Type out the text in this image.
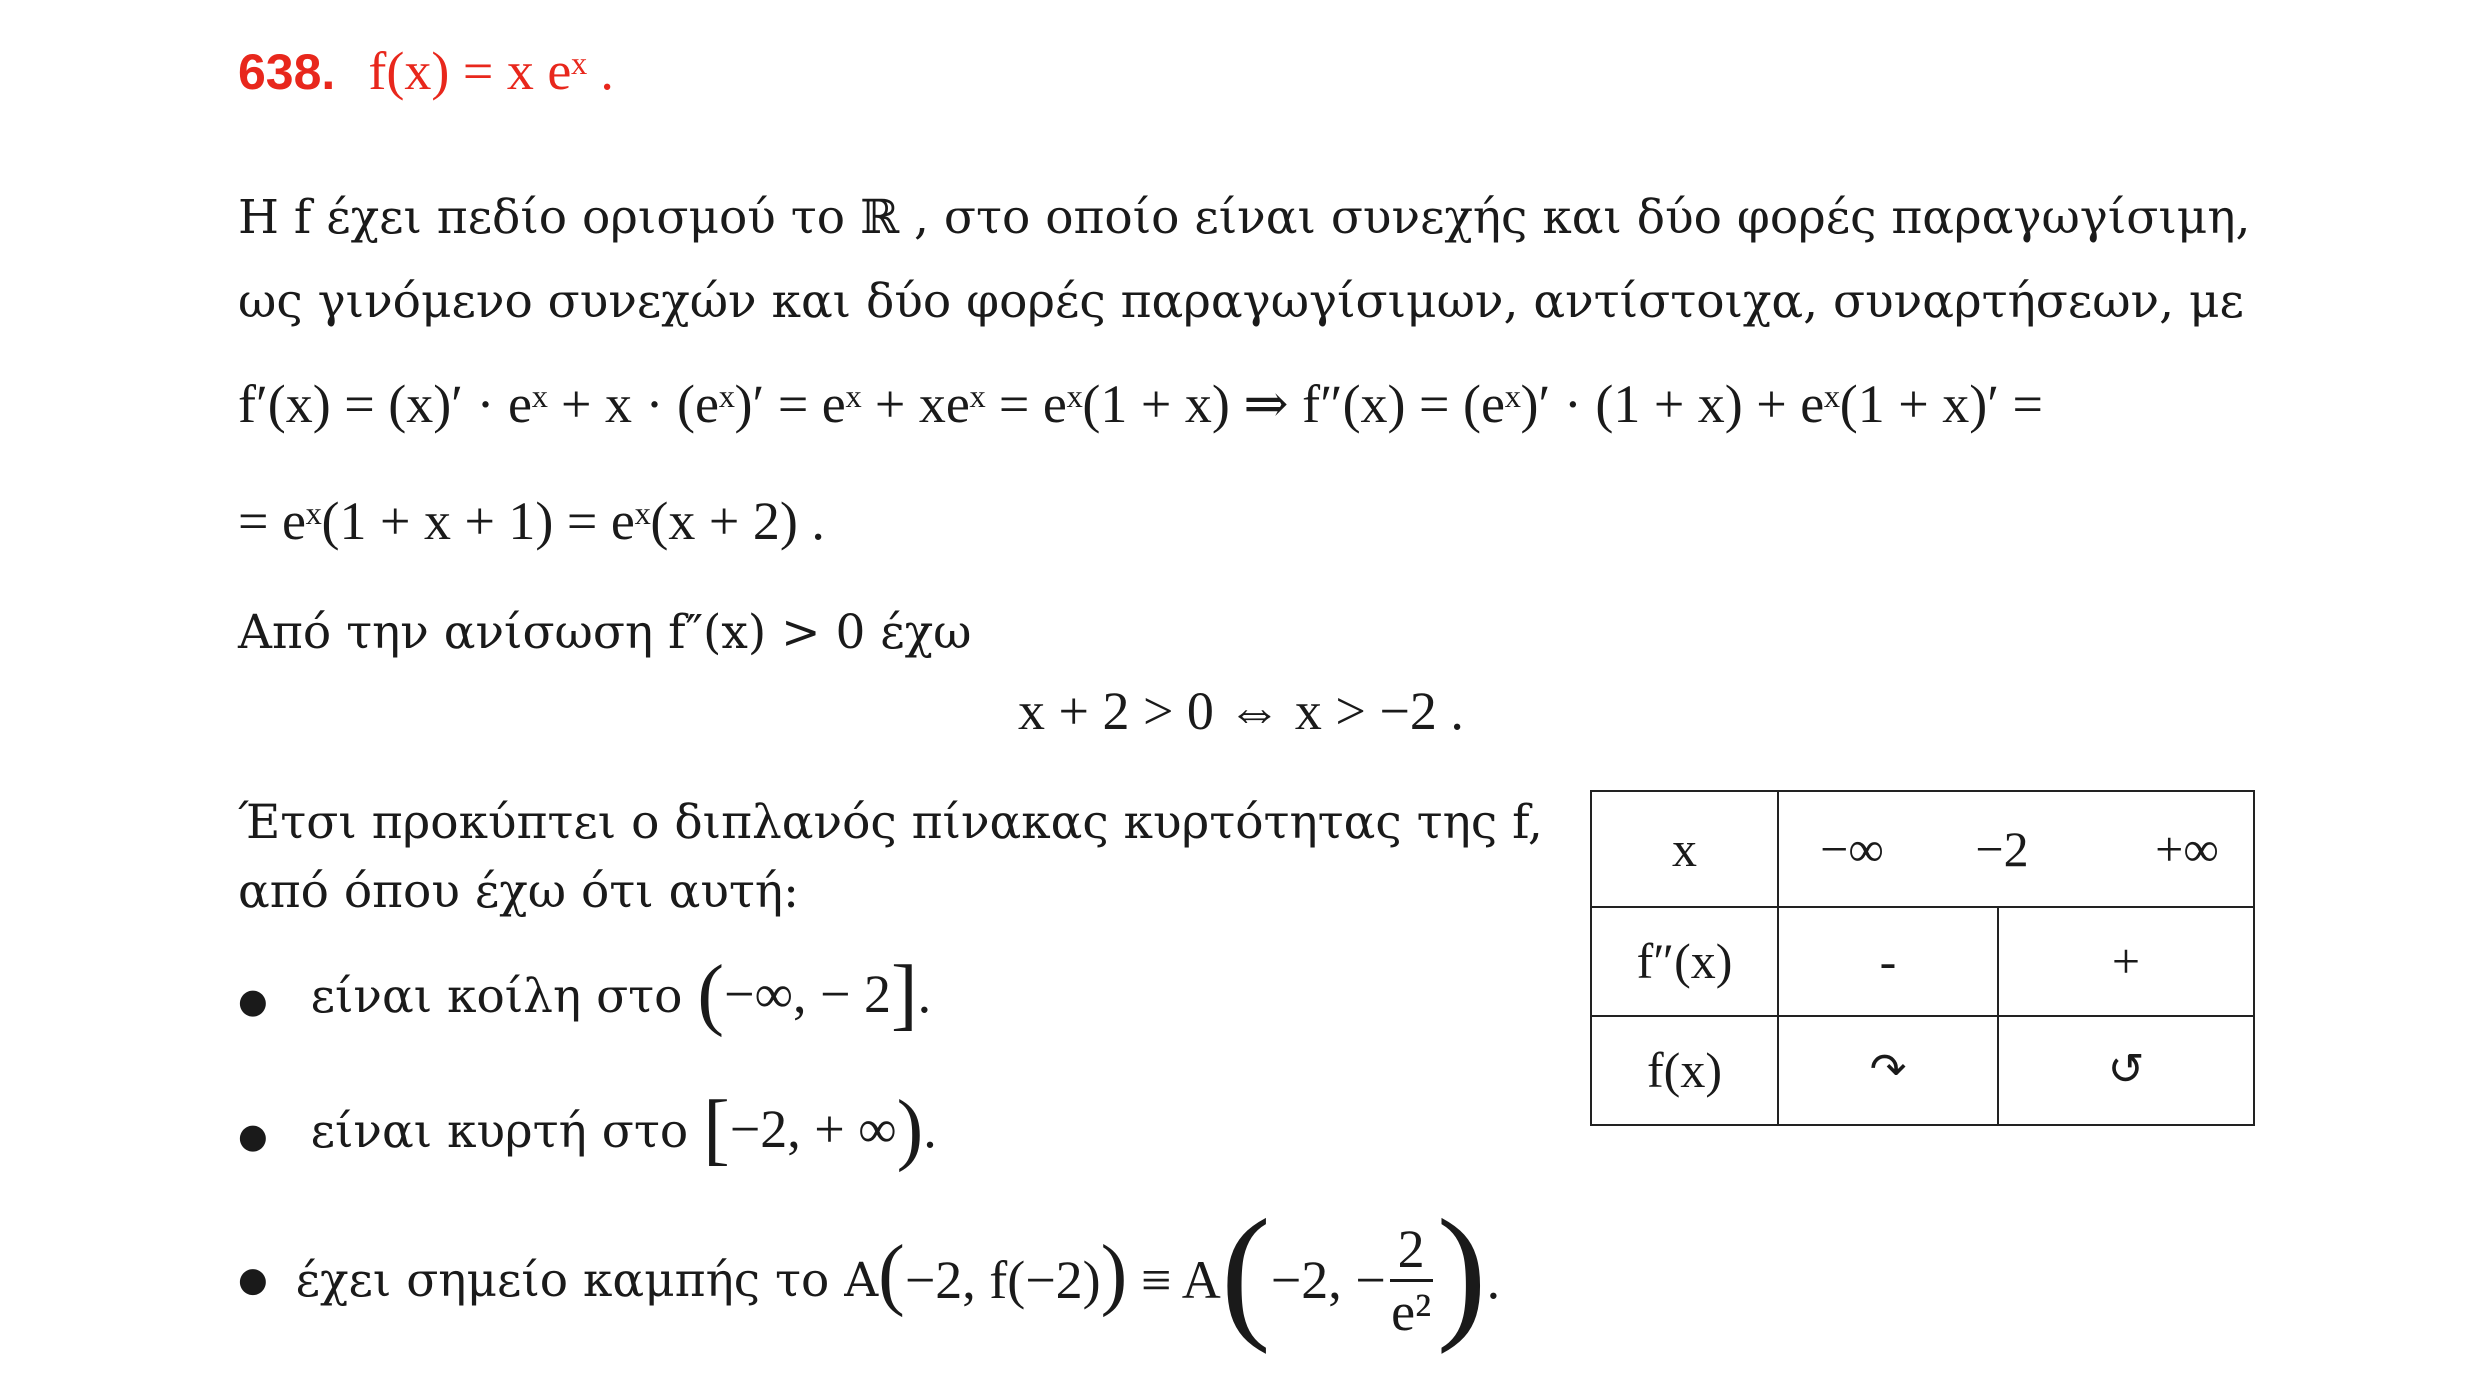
638. f(x) = x eˣ .
H f έχει πεδίο ορισμού το ℝ , στο οποίο είναι συνεχής και δύο φορές παραγωγίσιμη,
ως γινόμενο συνεχών και δύο φορές παραγωγίσιμων, αντίστοιχα, συναρτήσεων, με
f′(x) = (x)′ · eˣ + x · (eˣ)′ = eˣ + xeˣ = eˣ(1 + x) ⇒ f″(x) = (eˣ)′ · (1 + x) + eˣ(1 + x)′ =
= eˣ(1 + x + 1) = eˣ(x + 2) .
Από την ανίσωση f″(x) > 0 έχω
x + 2 > 0 ⇔ x > −2 .
Έτσι προκύπτει ο διπλανός πίνακας κυρτότητας της f,
από όπου έχω ότι αυτή:
● είναι κοίλη στο (−∞, − 2].
● είναι κυρτή στο [−2, + ∞).
● έχει σημείο καμπής το A ( −2, f(−2) ) ≡ A ( −2, − $\frac{2}{\text{e²}}$ ) .
x	−∞	−2	+∞
f″(x)	-	+
f(x)	↷	↺
